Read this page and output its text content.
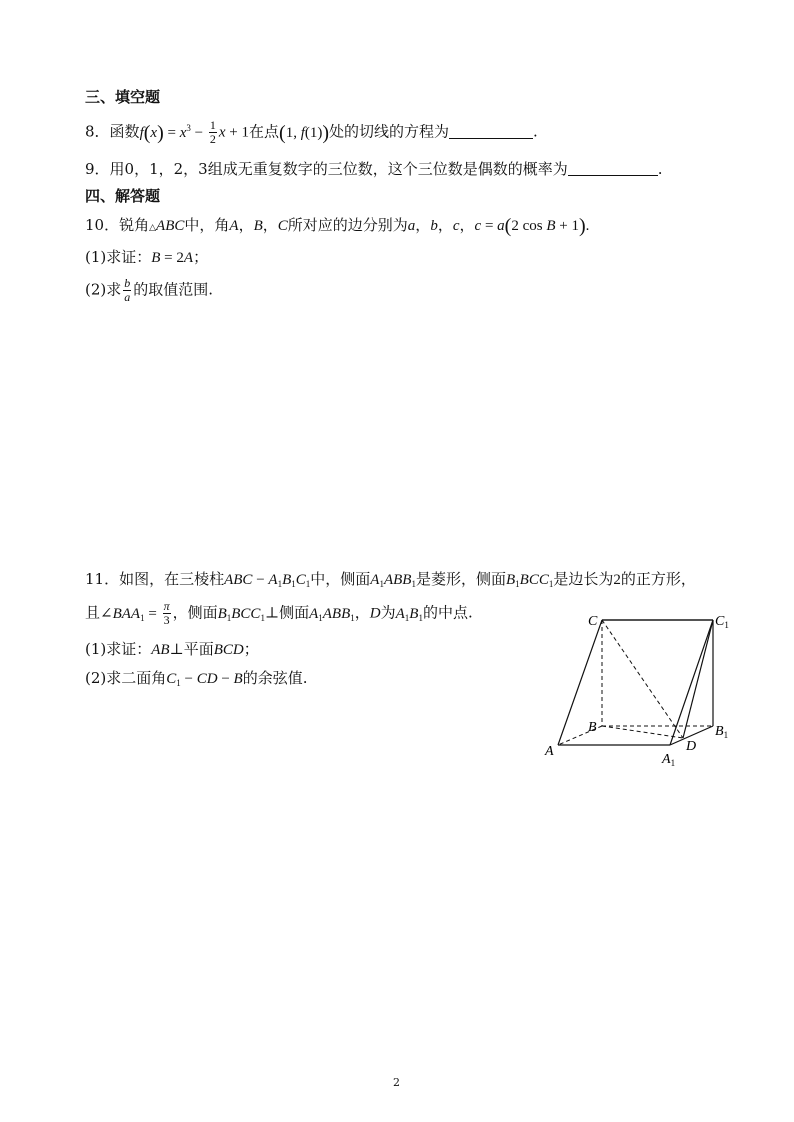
三、填空题
8．函数$f(x) = x^3 - \frac{1}{2}$ x + 1在点(1, f(1))处的切线的方程为	.
9．用0，1，2，3组成无重复数字的三位数，这个三位数是偶数的概率为	.
四、解答题
10．锐角△ABC中，角A，B，C所对应的边分别为a，b，c，c = a(2 cos B + 1).
(1)求证：B = 2A；
(2)求 $\frac{b}{a}$ 的取值范围.
11．如图，在三棱柱ABC − $A_1B_1C_1$中，侧面$A_1ABB_1$是菱形，侧面$B_1BCC_1$是边长为2的正方形，
且$\angle BAA_1 = \frac{\pi}{3}$ ，侧面$B_1BCC_1\perp$侧面$A_1ABB_1$，D为$A_1B_1$的中点.
(1)求证：AB⊥平面BCD；
(2)求二面角$C_1$ − CD − B的余弦值.
C	$C_1$
B	$B_1$
A
$A_1$
D
2
